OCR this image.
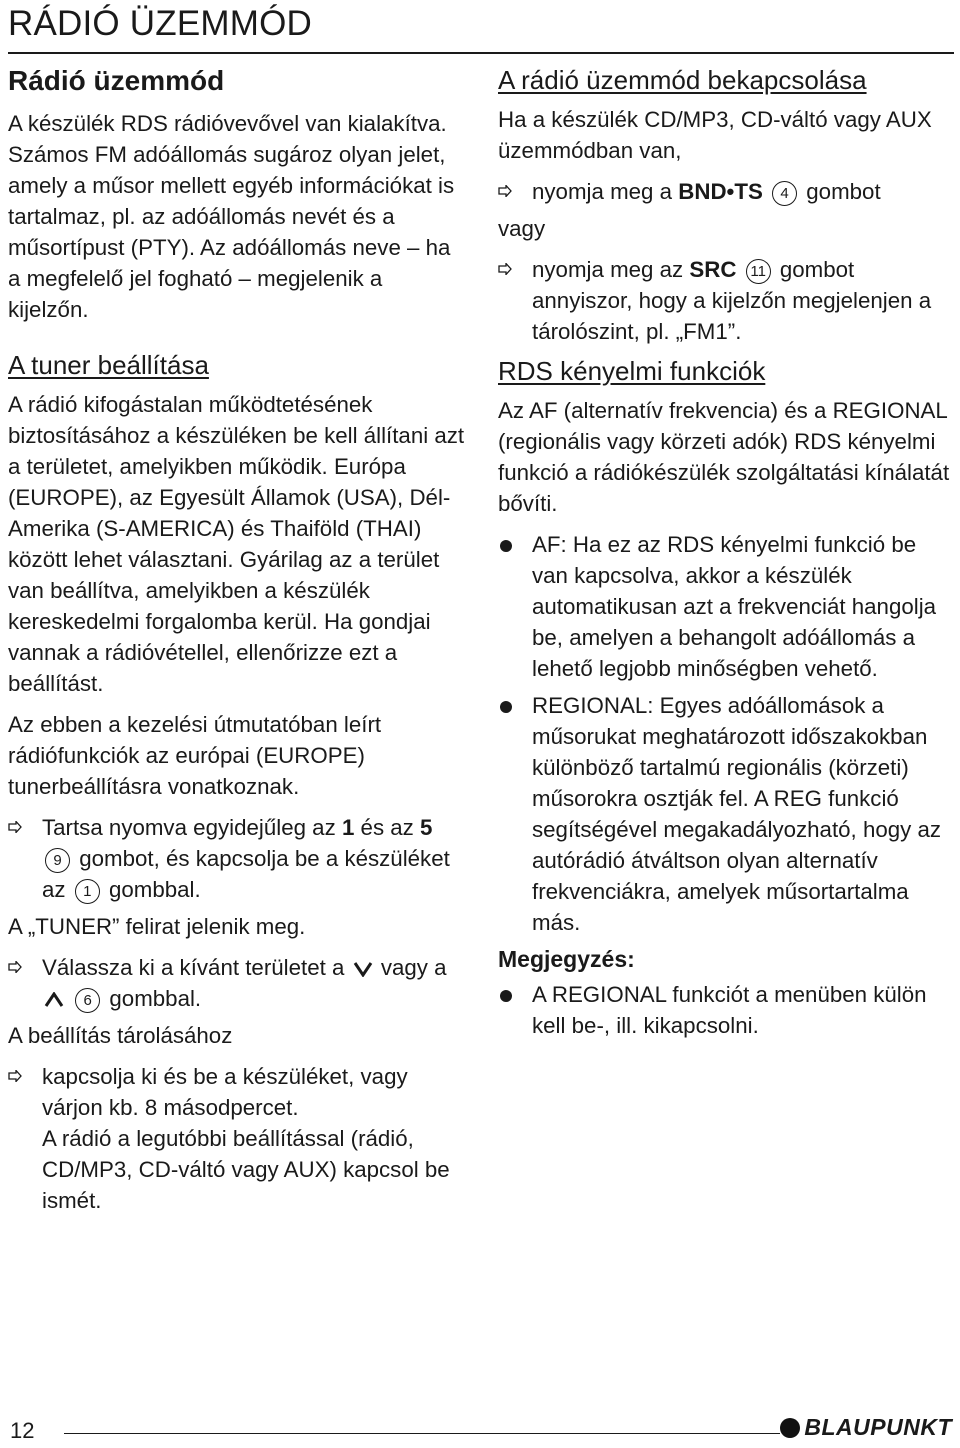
RÁDIÓ ÜZEMMÓD
Rádió üzemmód

A készülék RDS rádióvevővel van kialakítva. Számos FM adóállomás sugároz olyan jelet, amely a műsor mellett egyéb információkat is tartalmaz, pl. az adóállomás nevét és a műsortípust (PTY). Az adóállomás neve – ha a megfelelő jel fogható – megjelenik a kijelzőn.

A tuner beállítása

A rádió kifogástalan működtetésének biztosításához a készüléken be kell állítani azt a területet, amelyikben működik. Európa (EUROPE), az Egyesült Államok (USA), Dél-Amerika (S-AMERICA) és Thaiföld (THAI) között lehet választani. Gyárilag az a terület van beállítva, amelyikben a készülék kereskedelmi forgalomba kerül. Ha gondjai vannak a rádióvétellel, ellenőrizze ezt a beállítást.

Az ebben a kezelési útmutatóban leírt rádiófunkciók az európai (EUROPE) tunerbeállításra vonatkoznak.

Tartsa nyomva egyidejűleg az 1 és az 5 9 gombot, és kapcsolja be a készüléket az 1 gombbal.

A „TUNER” felirat jelenik meg.

Válassza ki a kívánt területet a  vagy a  6 gombbal.

A beállítás tárolásához

kapcsolja ki és be a készüléket, vagy várjon kb. 8 másodpercet.
A rádió a legutóbbi beállítással (rádió, CD/MP3, CD-váltó vagy AUX) kapcsol be ismét.
A rádió üzemmód bekapcsolása

Ha a készülék CD/MP3, CD-váltó vagy AUX üzemmódban van,

nyomja meg a BND•TS 4 gombot

vagy

nyomja meg az SRC 11 gombot annyiszor, hogy a kijelzőn megjelenjen a tárolószint, pl. „FM1”.
RDS kényelmi funkciók

Az AF (alternatív frekvencia) és a REGIONAL (regionális vagy körzeti adók) RDS kényelmi funkció a rádiókészülék szolgáltatási kínálatát bővíti.

AF: Ha ez az RDS kényelmi funkció be van kapcsolva, akkor a készülék automatikusan azt a frekvenciát hangolja be, amelyen a behangolt adóállomás a lehető legjobb minőségben vehető.
REGIONAL: Egyes adóállomások a műsorukat meghatározott időszakokban különböző tartalmú regionális (körzeti) műsorokra osztják fel. A REG funkció segítségével megakadályozható, hogy az autórádió átváltson olyan alternatív frekvenciákra, amelyek műsortartalma más.
Megjegyzés:
A REGIONAL funkciót a menüben külön kell be-, ill. kikapcsolni.
12	BLAUPUNKT
